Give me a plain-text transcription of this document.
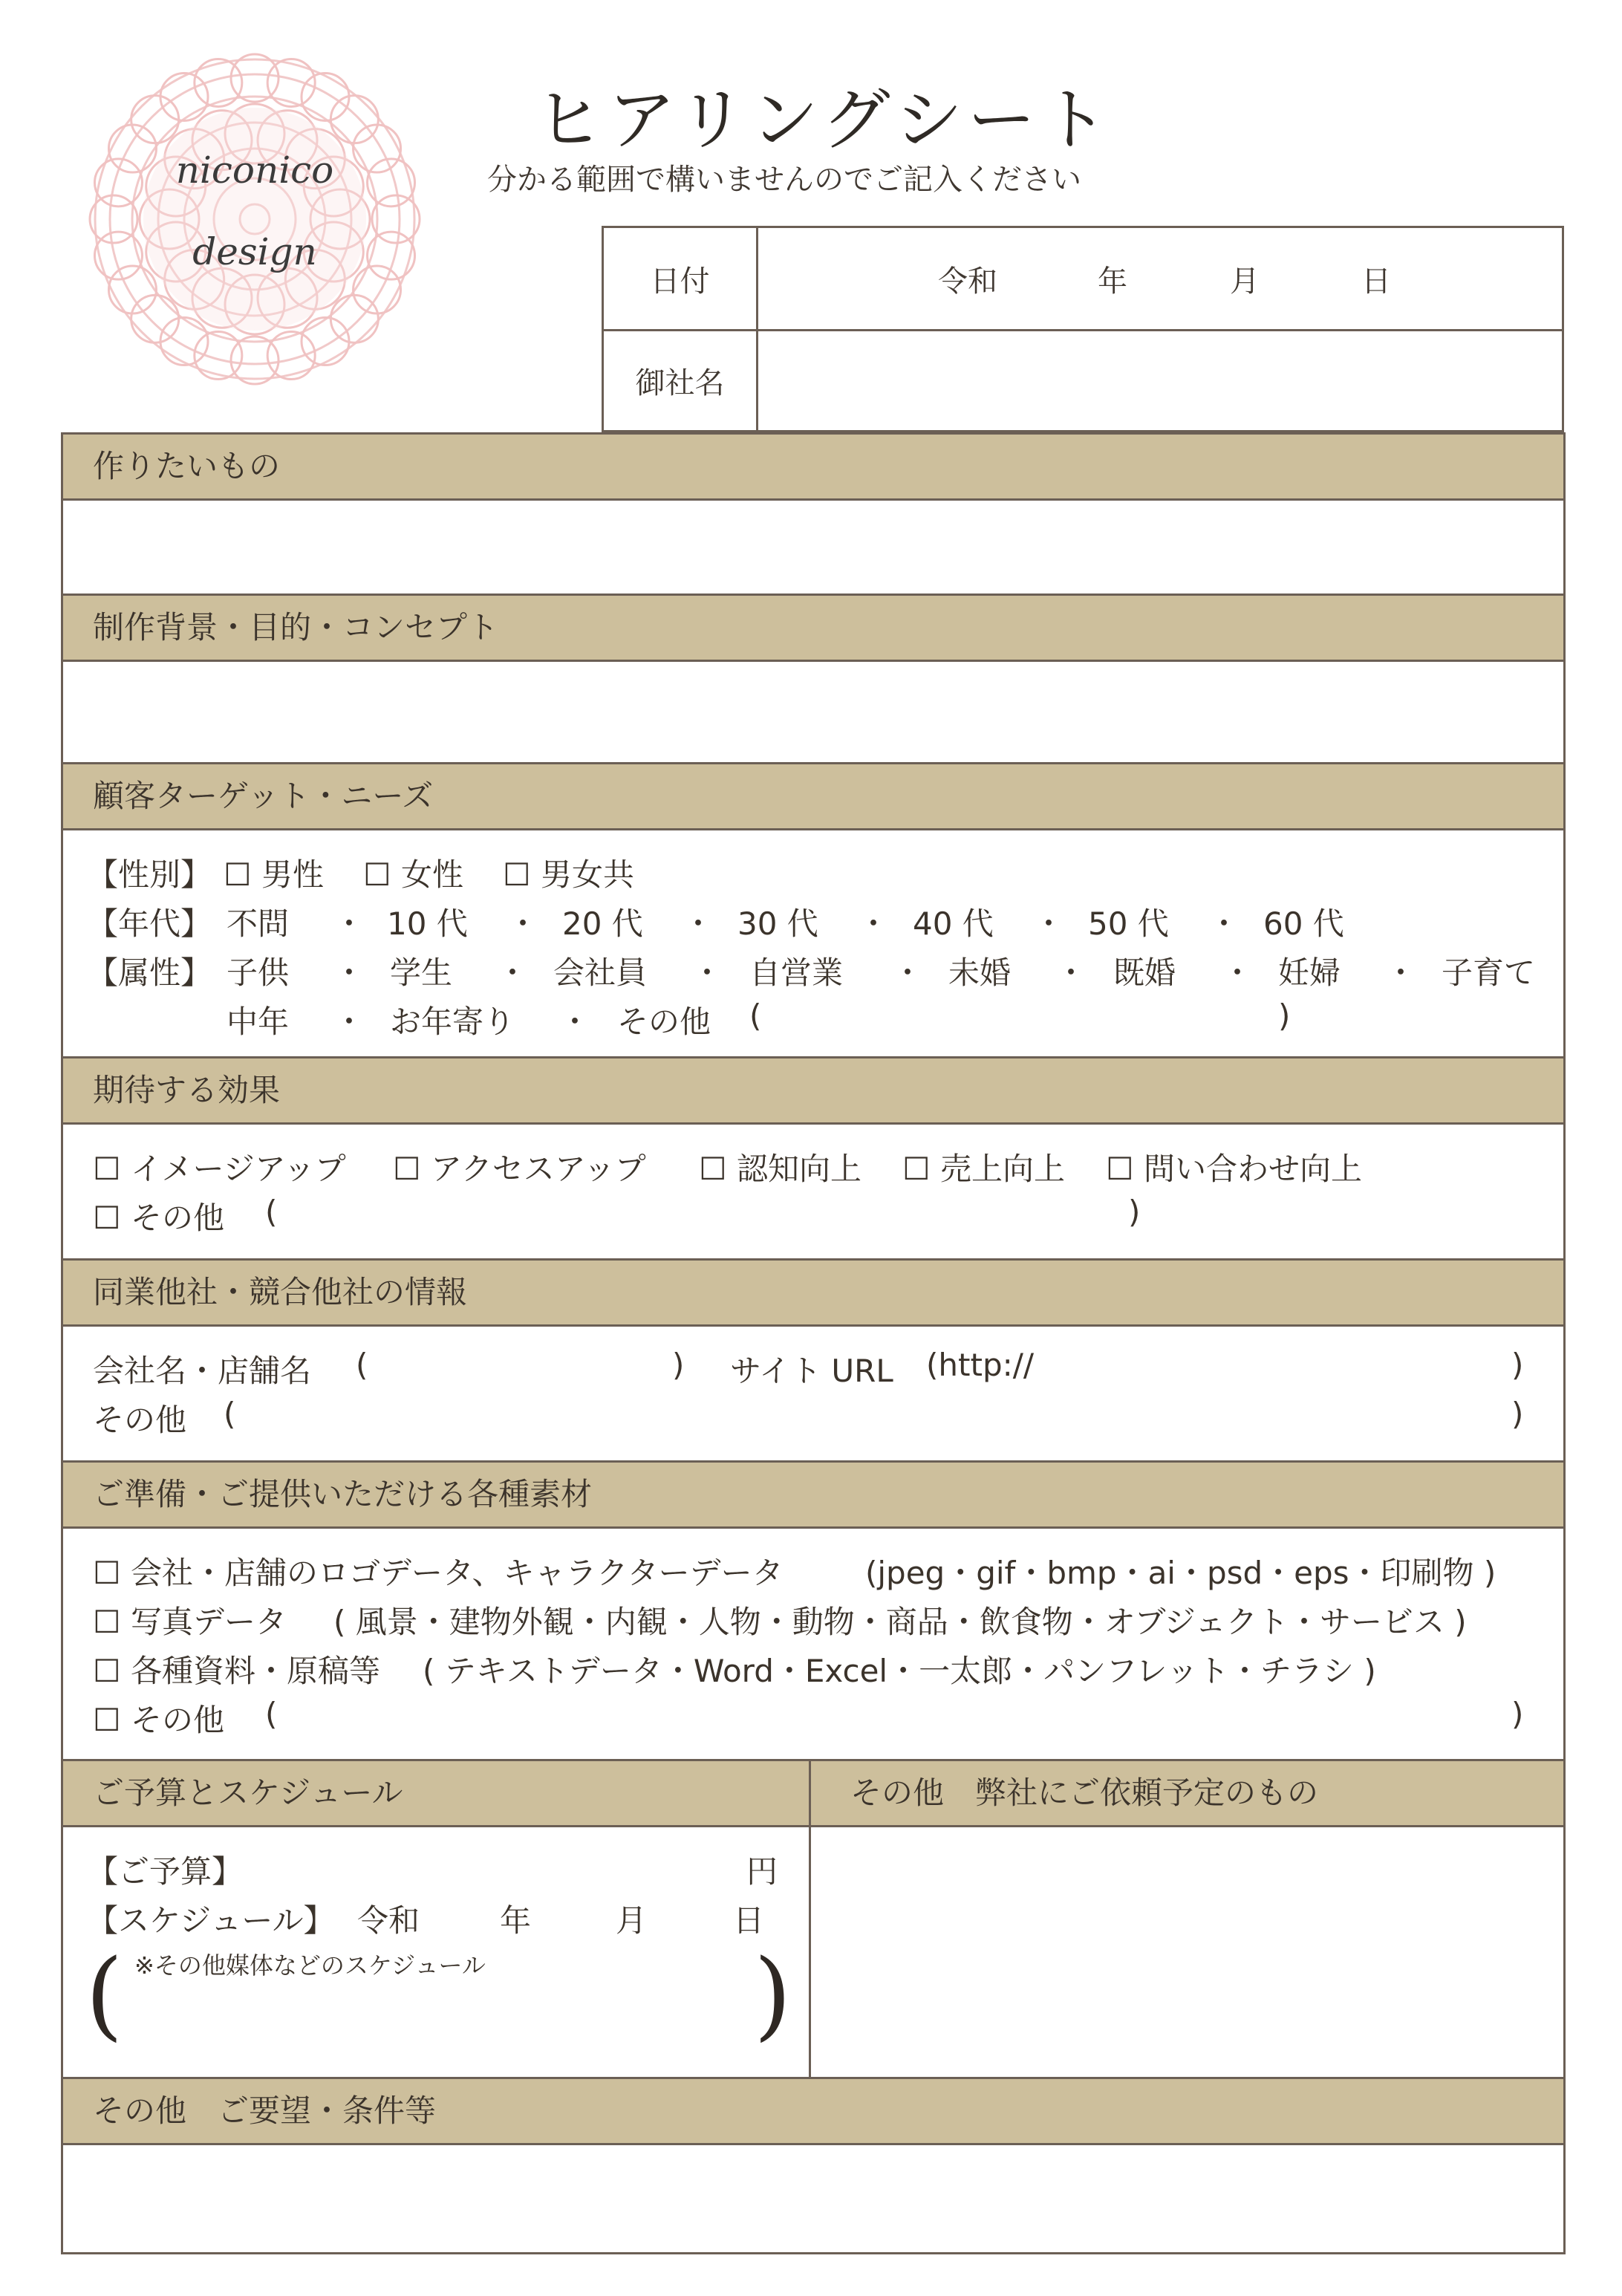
niconico
design
ヒアリングシート
分かる範囲で構いませんのでご記入ください
日付	令和	年	月	日
御社名
作りたいもの
制作背景・目的・コンセプト
顧客ターゲット・ニーズ
【性別】 ☐ 男性 ☐ 女性 ☐ 男女共
【年代】 不問 ・ 10 代 ・ 20 代 ・ 30 代 ・ 40 代 ・ 50 代 ・ 60 代
【属性】 子供 ・ 学生 ・ 会社員 ・ 自営業 ・ 未婚 ・ 既婚 ・ 妊婦 ・ 子育て
中年 ・ お年寄り ・ その他 (	)
期待する効果
☐ イメージアップ ☐ アクセスアップ ☐ 認知向上 ☐ 売上向上 ☐ 問い合わせ向上
☐ その他 (	)
同業他社・競合他社の情報
会社名・店舗名 (	) サイト URL (http://	)
その他 (	)
ご準備・ご提供いただける各種素材
☐ 会社・店舗のロゴデータ、キャラクターデータ	(jpeg・gif・bmp・ai・psd・eps・印刷物 )
☐ 写真データ ( 風景・建物外観・内観・人物・動物・商品・飲食物・オブジェクト・サービス )
☐ 各種資料・原稿等 ( テキストデータ・Word・Excel・一太郎・パンフレット・チラシ )
☐ その他 (	)
ご予算とスケジュール	その他　弊社にご依頼予定のもの
【ご予算】	円
【スケジュール】 令和	年	月	日
( ※その他媒体などのスケジュール	)
その他　ご要望・条件等
